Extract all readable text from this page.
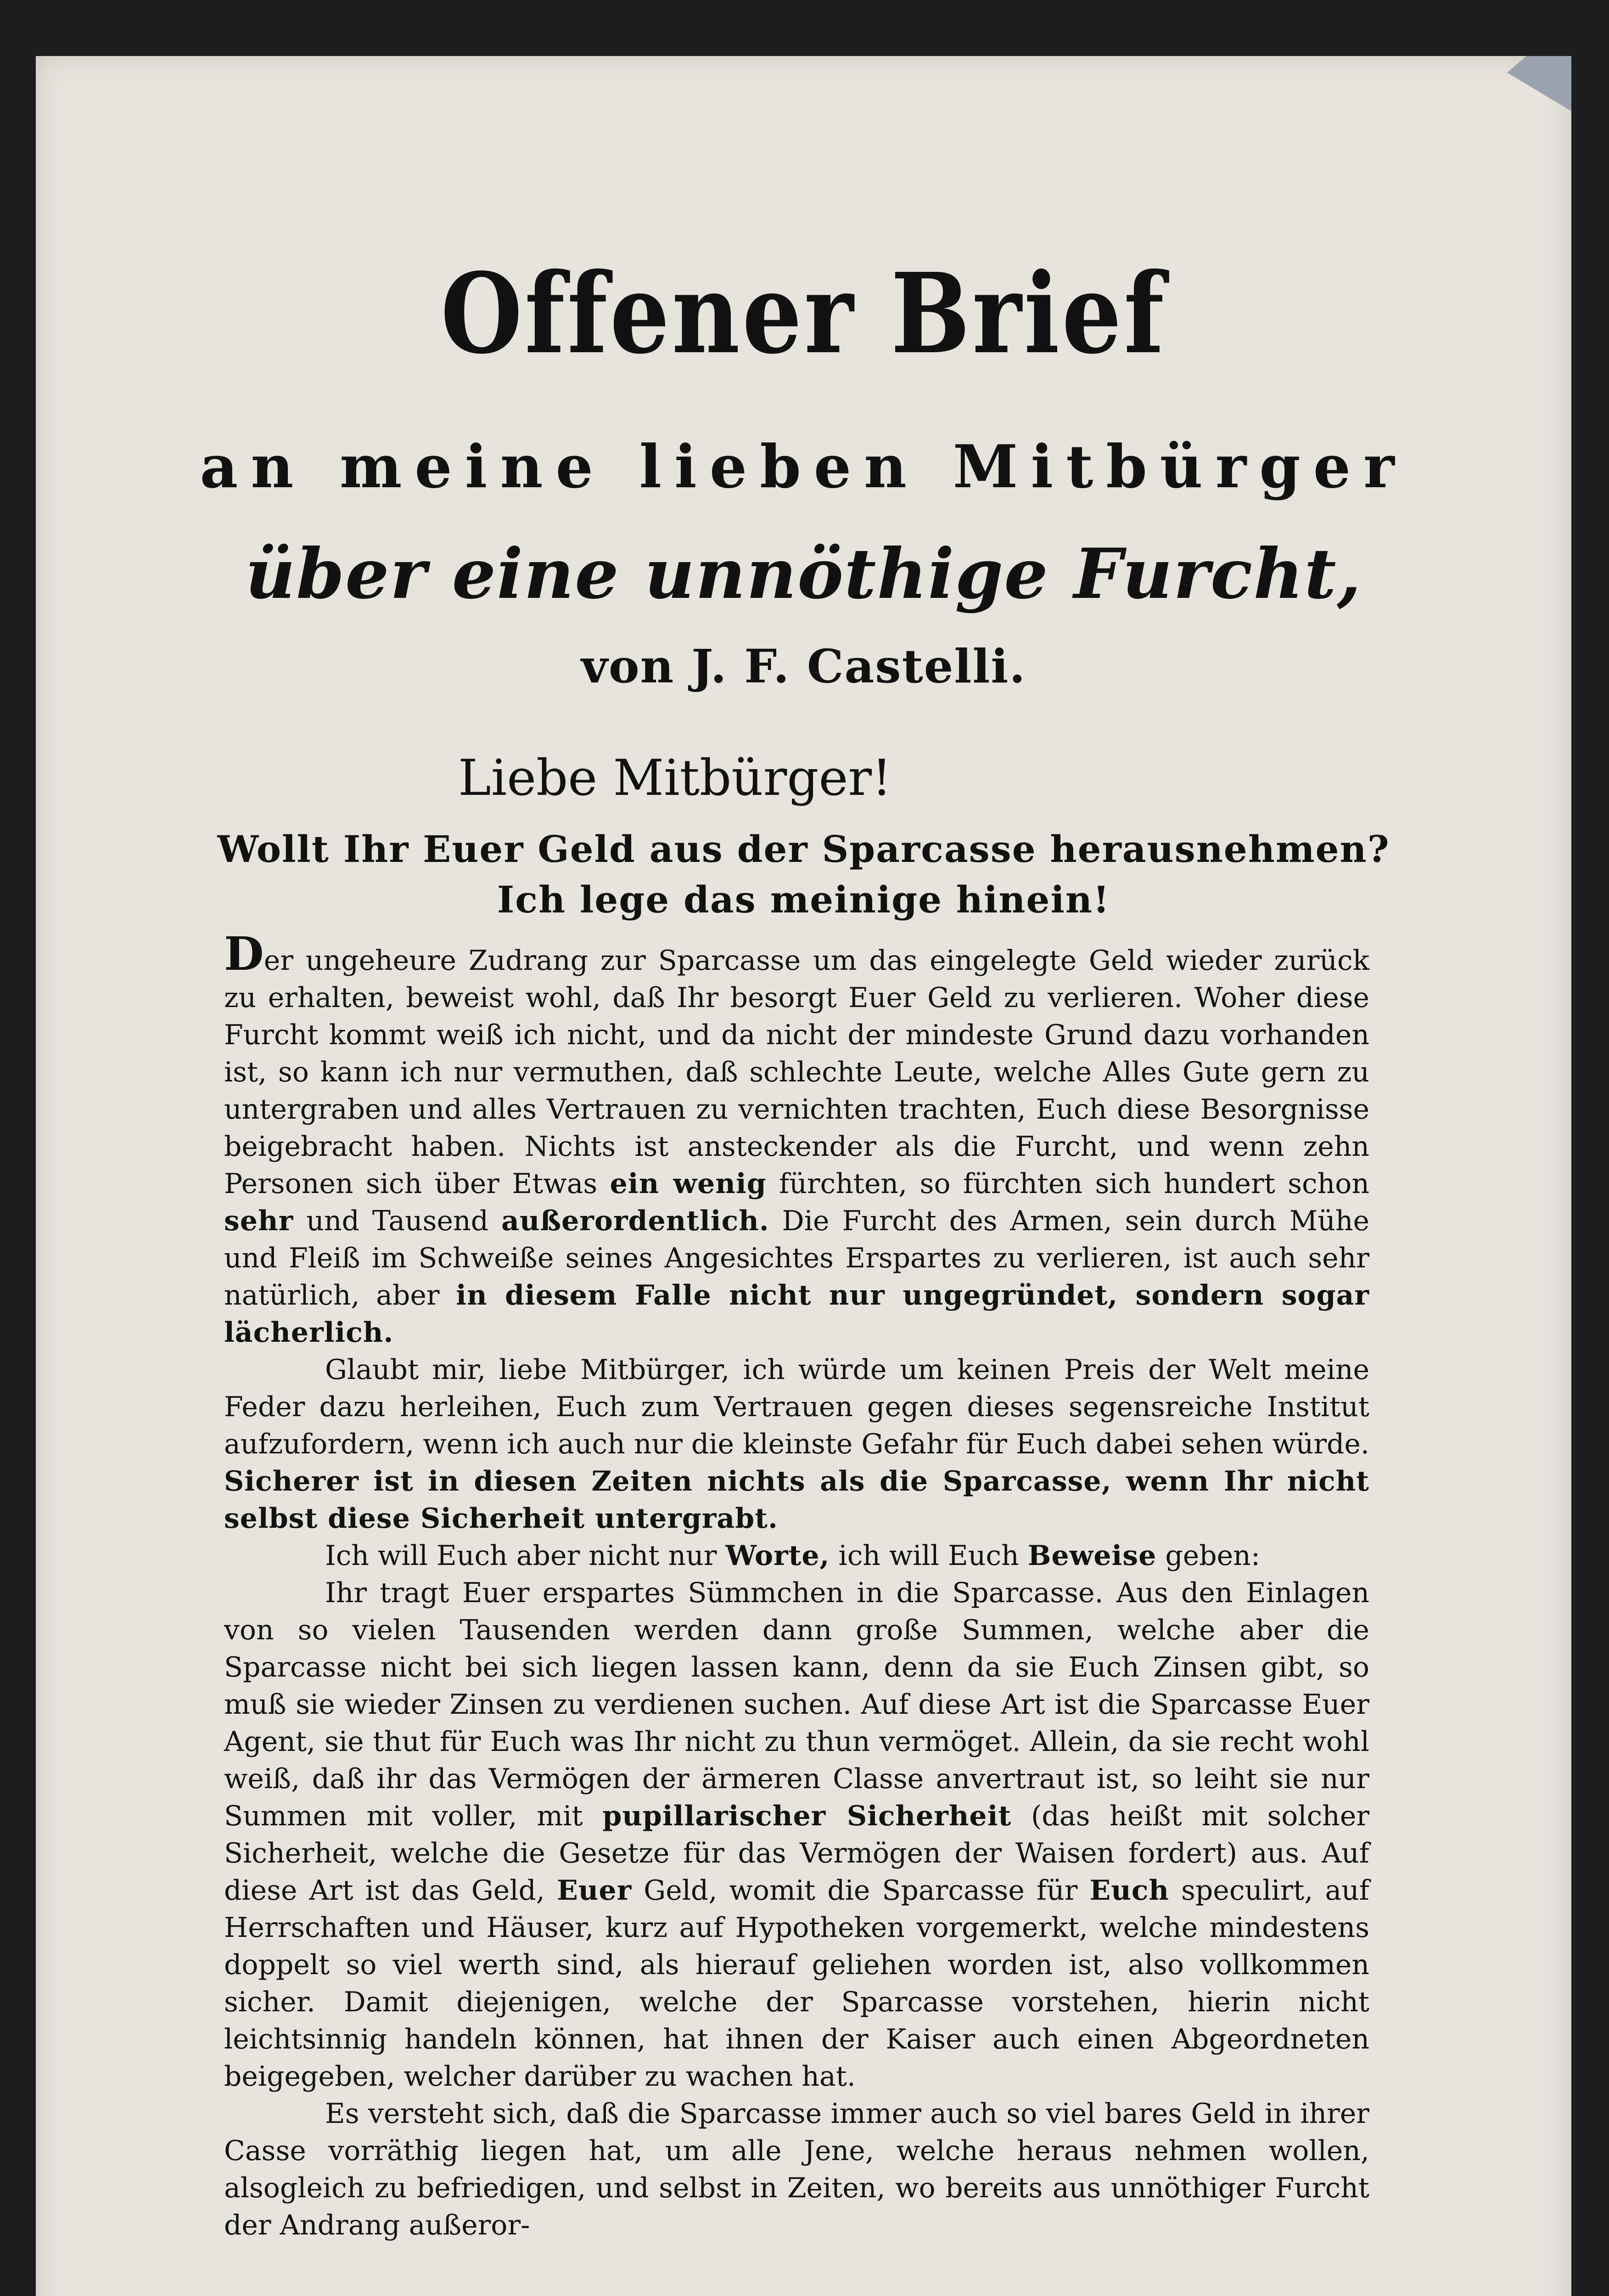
Offener Brief
an meine lieben Mitbürger
über eine unnöthige Furcht,
von J. F. Castelli.
Liebe Mitbürger!
Wollt Ihr Euer Geld aus der Sparcasse herausnehmen?
Ich lege das meinige hinein!

Der ungeheure Zudrang zur Sparcasse um das eingelegte Geld wieder zurück zu erhalten, beweist wohl, daß Ihr besorgt Euer Geld zu verlieren. Woher diese Furcht kommt weiß ich nicht, und da nicht der mindeste Grund dazu vorhanden ist, so kann ich nur vermuthen, daß schlechte Leute, welche Alles Gute gern zu untergraben und alles Vertrauen zu vernichten trachten, Euch diese Besorgnisse beigebracht haben. Nichts ist ansteckender als die Furcht, und wenn zehn Personen sich über Etwas ein wenig fürchten, so fürchten sich hundert schon sehr und Tausend außerordentlich. Die Furcht des Armen, sein durch Mühe und Fleiß im Schweiße seines Angesichtes Erspartes zu verlieren, ist auch sehr natürlich, aber in diesem Falle nicht nur ungegründet, sondern sogar lächerlich.

Glaubt mir, liebe Mitbürger, ich würde um keinen Preis der Welt meine Feder dazu herleihen, Euch zum Vertrauen gegen dieses segensreiche Institut aufzufordern, wenn ich auch nur die kleinste Gefahr für Euch dabei sehen würde. Sicherer ist in diesen Zeiten nichts als die Sparcasse, wenn Ihr nicht selbst diese Sicherheit untergrabt.

Ich will Euch aber nicht nur Worte, ich will Euch Beweise geben:

Ihr tragt Euer erspartes Sümmchen in die Sparcasse. Aus den Einlagen von so vielen Tausenden werden dann große Summen, welche aber die Sparcasse nicht bei sich liegen lassen kann, denn da sie Euch Zinsen gibt, so muß sie wieder Zinsen zu verdienen suchen. Auf diese Art ist die Sparcasse Euer Agent, sie thut für Euch was Ihr nicht zu thun vermöget. Allein, da sie recht wohl weiß, daß ihr das Vermögen der ärmeren Classe anvertraut ist, so leiht sie nur Summen mit voller, mit pupillarischer Sicherheit (das heißt mit solcher Sicherheit, welche die Gesetze für das Vermögen der Waisen fordert) aus. Auf diese Art ist das Geld, Euer Geld, womit die Sparcasse für Euch speculirt, auf Herrschaften und Häuser, kurz auf Hypotheken vorgemerkt, welche mindestens doppelt so viel werth sind, als hierauf geliehen worden ist, also vollkommen sicher. Damit diejenigen, welche der Sparcasse vorstehen, hierin nicht leichtsinnig handeln können, hat ihnen der Kaiser auch einen Abgeordneten beigegeben, welcher darüber zu wachen hat.

Es versteht sich, daß die Sparcasse immer auch so viel bares Geld in ihrer Casse vorräthig liegen hat, um alle Jene, welche heraus nehmen wollen, alsogleich zu befriedigen, und selbst in Zeiten, wo bereits aus unnöthiger Furcht der Andrang außeror-
